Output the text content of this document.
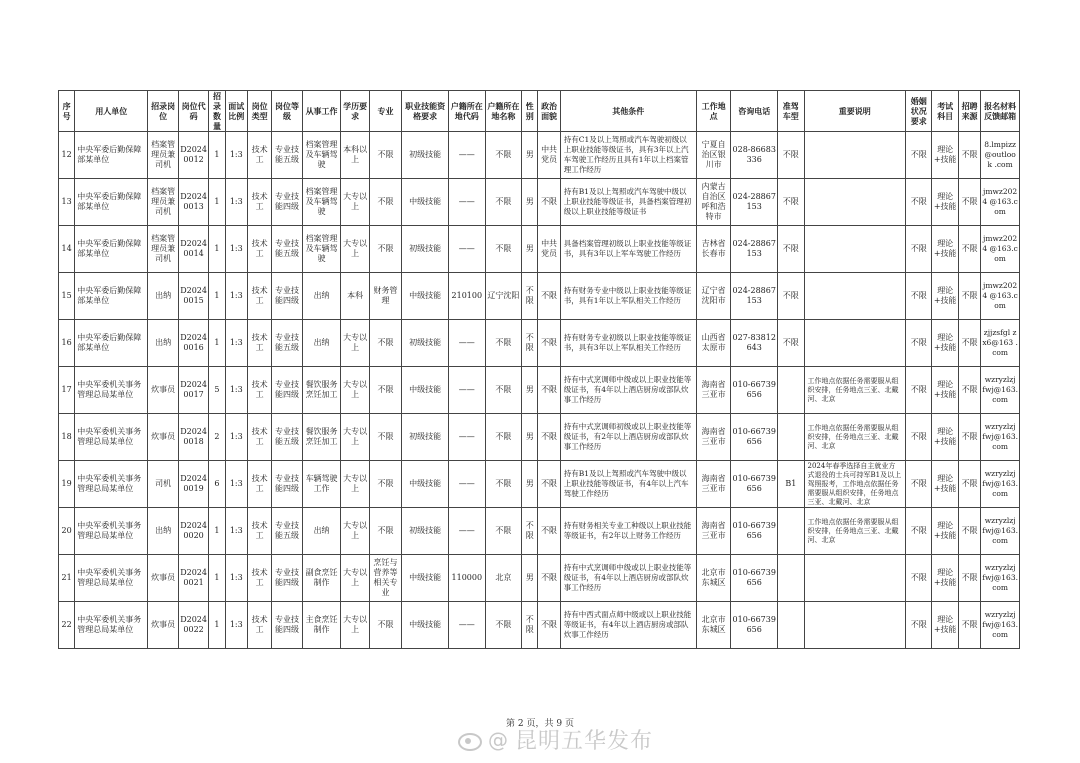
序号	用人单位	招录岗位	岗位代码	招录数量	面试比例	岗位类型	岗位等级	从事工作	学历要求	专业	职业技能资格要求	户籍所在地代码	户籍所在地名称	性别	政治面貌	其他条件	工作地点	咨询电话	准驾车型	重要说明	婚姻状况要求	考试科目	招聘来源	报名材料反馈邮箱
12	中央军委后勤保障部某单位	档案管理员兼司机	D2024 0012	1	1:3	技术工	专业技能五级	档案管理及车辆驾驶	本科以上	不限	初级技能	——	不限	男	中共党员	持有C1及以上驾照或汽车驾驶初级以上职业技能等级证书，具有3年以上汽车驾驶工作经历且具有1年以上档案管理工作经历	宁夏自治区银川市	028-86683336	不限		不限	理论+技能	不限	8.lmpizz @outlook .com
13	中央军委后勤保障部某单位	档案管理员兼司机	D2024 0013	1	1:3	技术工	专业技能四级	档案管理及车辆驾驶	大专以上	不限	中级技能	——	不限	男	不限	持有B1及以上驾照或汽车驾驶中级以上职业技能等级证书，具备档案管理初级以上职业技能等级证书	内蒙古自治区呼和浩特市	024-28867153	不限		不限	理论+技能	不限	jmwz2024 @163.com
14	中央军委后勤保障部某单位	档案管理员兼司机	D2024 0014	1	1:3	技术工	专业技能五级	档案管理及车辆驾驶	大专以上	不限	初级技能	——	不限	男	中共党员	具备档案管理初级以上职业技能等级证书，具有3年以上军车驾驶工作经历	吉林省长春市	024-28867153	不限		不限	理论+技能	不限	jmwz2024 @163.com
15	中央军委后勤保障部某单位	出纳	D2024 0015	1	1:3	技术工	专业技能四级	出纳	本科	财务管理	中级技能	210100	辽宁沈阳	不限	不限	持有财务专业中级以上职业技能等级证书，具有1年以上军队相关工作经历	辽宁省沈阳市	024-28867153	不限		不限	理论+技能	不限	jmwz2024 @163.com
16	中央军委后勤保障部某单位	出纳	D2024 0016	1	1:3	技术工	专业技能五级	出纳	大专以上	不限	初级技能	——	不限	不限	不限	持有财务专业初级以上职业技能等级证书，具有3年以上军队相关工作经历	山西省太原市	027-83812643	不限		不限	理论+技能	不限	zjjzsfgl zx6@163 .com
17	中央军委机关事务管理总局某单位	炊事员	D2024 0017	5	1:3	技术工	专业技能四级	餐饮服务烹饪加工	大专以上	不限	中级技能	——	不限	男	不限	持有中式烹调师中级或以上职业技能等级证书，有4年以上酒店厨房或部队炊事工作经历	海南省三亚市	010-66739656		工作地点依据任务需要服从组织安排，任务地点三亚、北戴河、北京	不限	理论+技能	不限	wzryzlzj fwj@163. com
18	中央军委机关事务管理总局某单位	炊事员	D2024 0018	2	1:3	技术工	专业技能五级	餐饮服务烹饪加工	大专以上	不限	初级技能	——	不限	男	不限	持有中式烹调师初级或以上职业技能等级证书，有2年以上酒店厨房或部队炊事工作经历	海南省三亚市	010-66739656		工作地点依据任务需要服从组织安排，任务地点三亚、北戴河、北京	不限	理论+技能	不限	wzryzlzj fwj@163. com
19	中央军委机关事务管理总局某单位	司机	D2024 0019	6	1:3	技术工	专业技能四级	车辆驾驶工作	大专以上	不限	中级技能	——	不限	男	不限	持有B1及以上驾照或汽车驾驶中级以上职业技能等级证书，有4年以上汽车驾驶工作经历	海南省三亚市	010-66739656	B1	2024年春季选择自主就业方式退役的士兵可持军B1及以上驾照报考，工作地点依据任务需要服从组织安排，任务地点三亚、北戴河、北京	不限	理论+技能	不限	wzryzlzj fwj@163. com
20	中央军委机关事务管理总局某单位	出纳	D2024 0020	1	1:3	技术工	专业技能五级	出纳	大专以上	不限	初级技能	——	不限	不限	不限	持有财务相关专业工种级以上职业技能等级证书，有2年以上财务工作经历	海南省三亚市	010-66739656		工作地点依据任务需要服从组织安排，任务地点三亚、北戴河、北京	不限	理论+技能	不限	wzryzlzj fwj@163. com
21	中央军委机关事务管理总局某单位	炊事员	D2024 0021	1	1:3	技术工	专业技能四级	副食烹饪制作	大专以上	烹饪与营养等相关专业	中级技能	110000	北京	男	不限	持有中式烹调师中级或以上职业技能等级证书，有4年以上酒店厨房或部队炊事工作经历	北京市东城区	010-66739656			不限	理论+技能	不限	wzryzlzj fwj@163. com
22	中央军委机关事务管理总局某单位	炊事员	D2024 0022	1	1:3	技术工	专业技能四级	主食烹饪制作	大专以上	不限	中级技能	——	不限	不限	不限	持有中西式面点师中级或以上职业技能等级证书，有4年以上酒店厨房或部队炊事工作经历	北京市东城区	010-66739656			不限	理论+技能	不限	wzryzlzj fwj@163. com
第 2 页，共 9 页
@ 昆明五华发布
